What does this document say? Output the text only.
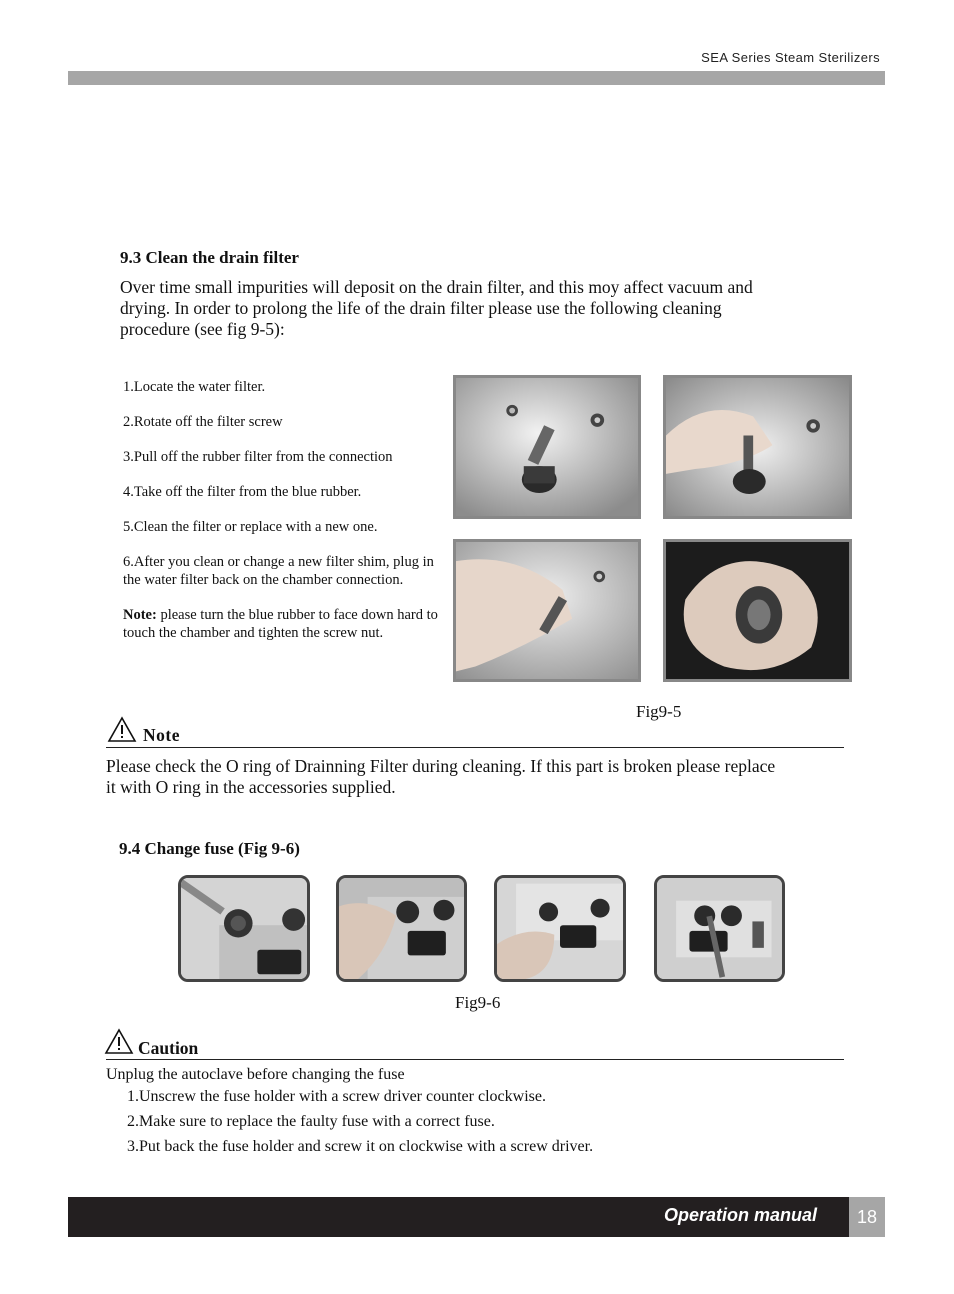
SEA Series Steam Sterilizers
9.3 Clean the drain filter
Over time small impurities will deposit on the drain filter, and this moy affect vacuum and
drying. In order to prolong the life of the drain filter please use the following cleaning
procedure (see fig 9-5):

1.Locate the water filter.

2.Rotate off the filter screw

3.Pull off the rubber filter from the connection

4.Take off the filter from the blue rubber.

5.Clean the filter or replace with a new one.

6.After you clean or change a new filter shim, plug in the water filter back on the chamber connection.

Note: please turn the blue rubber to face down hard to touch the chamber and tighten the screw nut.

Fig9-5
Note
Please check the O ring of Drainning Filter during cleaning. If this part is broken please replace
it with O ring in the accessories supplied.
9.4 Change fuse (Fig 9-6)
Fig9-6
Caution
Unplug the autoclave before changing the fuse
1.Unscrew the fuse holder with a screw driver counter clockwise.
2.Make sure to replace the faulty fuse with a correct fuse.
3.Put back the fuse holder and screw it on clockwise with a screw driver.
Operation manual	18
